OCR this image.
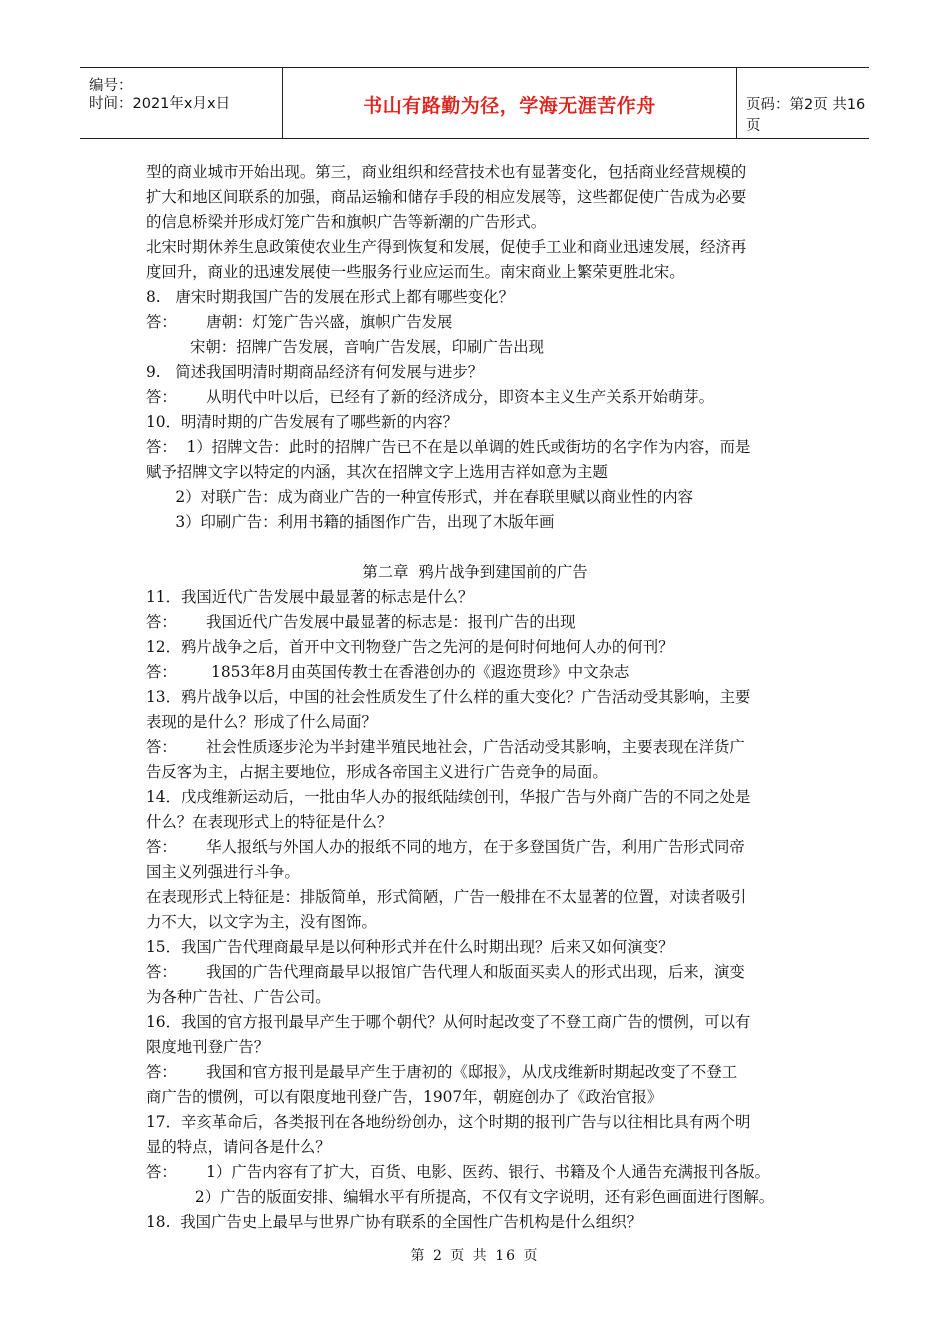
编号：
时间：2021年x月x日	书山有路勤为径，学海无涯苦作舟	页码：第2页 共16页
型的商业城市开始出现。第三，商业组织和经营技术也有显著变化，包括商业经营规模的
扩大和地区间联系的加强，商品运输和储存手段的相应发展等，这些都促使广告成为必要
的信息桥梁并形成灯笼广告和旗帜广告等新潮的广告形式。
北宋时期休养生息政策使农业生产得到恢复和发展，促使手工业和商业迅速发展，经济再
度回升，商业的迅速发展使一些服务行业应运而生。南宋商业上繁荣更胜北宋。
8.   唐宋时期我国广告的发展在形式上都有哪些变化？
答：      唐朝：灯笼广告兴盛，旗帜广告发展
宋朝：招牌广告发展，音响广告发展，印刷广告出现
9.   简述我国明清时期商品经济有何发展与进步？
答：      从明代中叶以后，已经有了新的经济成分，即资本主义生产关系开始萌芽。
10．明清时期的广告发展有了哪些新的内容？
答：  1）招牌文告：此时的招牌广告已不在是以单调的姓氏或街坊的名字作为内容，而是
赋予招牌文字以特定的内涵，其次在招牌文字上选用吉祥如意为主题
2）对联广告：成为商业广告的一种宣传形式，并在春联里赋以商业性的内容
3）印刷广告：利用书籍的插图作广告，出现了木版年画
第二章  鸦片战争到建国前的广告
11．我国近代广告发展中最显著的标志是什么？
答：      我国近代广告发展中最显著的标志是：报刊广告的出现
12．鸦片战争之后，首开中文刊物登广告之先河的是何时何地何人办的何刊？
答：       1853年8月由英国传教士在香港创办的《遐迩贯珍》中文杂志
13．鸦片战争以后，中国的社会性质发生了什么样的重大变化？广告活动受其影响，主要
表现的是什么？形成了什么局面？
答：      社会性质逐步沦为半封建半殖民地社会，广告活动受其影响，主要表现在洋货广
告反客为主，占据主要地位，形成各帝国主义进行广告竞争的局面。
14．戊戌维新运动后，一批由华人办的报纸陆续创刊，华报广告与外商广告的不同之处是
什么？在表现形式上的特征是什么？
答：      华人报纸与外国人办的报纸不同的地方，在于多登国货广告，利用广告形式同帝
国主义列强进行斗争。
在表现形式上特征是：排版简单，形式简陋，广告一般排在不太显著的位置，对读者吸引
力不大，以文字为主，没有图饰。
15．我国广告代理商最早是以何种形式并在什么时期出现？后来又如何演变？
答：      我国的广告代理商最早以报馆广告代理人和版面买卖人的形式出现，后来，演变
为各种广告社、广告公司。
16．我国的官方报刊最早产生于哪个朝代？从何时起改变了不登工商广告的惯例，可以有
限度地刊登广告？
答：      我国和官方报刊是最早产生于唐初的《邸报》，从戊戌维新时期起改变了不登工
商广告的惯例，可以有限度地刊登广告，1907年，朝庭创办了《政治官报》
17．辛亥革命后，各类报刊在各地纷纷创办，这个时期的报刊广告与以往相比具有两个明
显的特点，请问各是什么？
答：      1）广告内容有了扩大，百货、电影、医药、银行、书籍及个人通告充满报刊各版。
2）广告的版面安排、编辑水平有所提高，不仅有文字说明，还有彩色画面进行图解。
18.  我国广告史上最早与世界广协有联系的全国性广告机构是什么组织？
第 2 页 共 16 页
